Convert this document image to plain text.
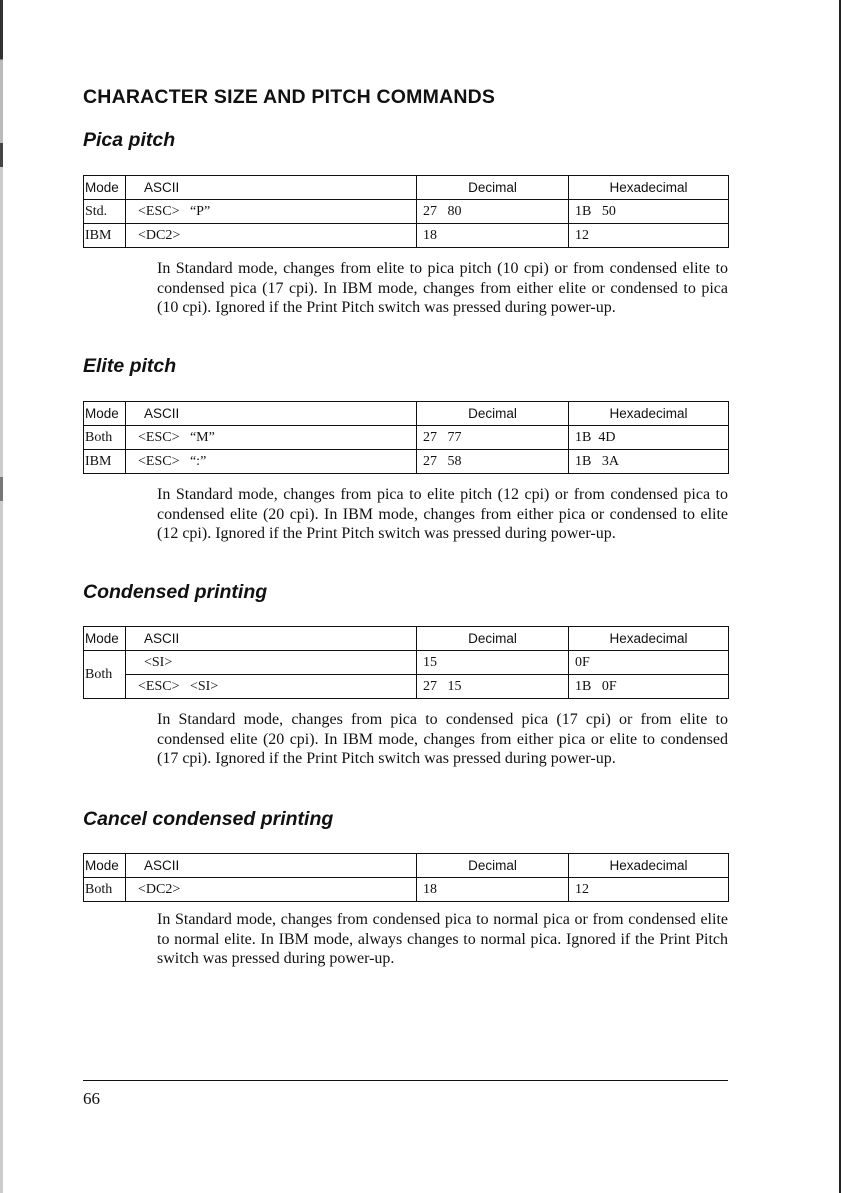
CHARACTER SIZE AND PITCH COMMANDS
Pica pitch
Mode	ASCII	Decimal	Hexadecimal
Std.	<ESC>   “P”	27   80	1B   50
IBM	<DC2>	18	12

In Standard mode, changes from elite to pica pitch (10 cpi) or from condensed elite to condensed pica (17 cpi). In IBM mode, changes from either elite or condensed to pica (10 cpi). Ignored if the Print Pitch switch was pressed during power-up.

Elite pitch
Mode	ASCII	Decimal	Hexadecimal
Both	<ESC>   “M”	27   77	1B  4D
IBM	<ESC>   “:”	27   58	1B   3A

In Standard mode, changes from pica to elite pitch (12 cpi) or from condensed pica to condensed elite (20 cpi). In IBM mode, changes from either pica or condensed to elite (12 cpi). Ignored if the Print Pitch switch was pressed during power-up.

Condensed printing
Mode	ASCII	Decimal	Hexadecimal
Both	<SI>	15	0F
	<ESC>   <SI>	27   15	1B   0F

In Standard mode, changes from pica to condensed pica (17 cpi) or from elite to condensed elite (20 cpi). In IBM mode, changes from either pica or elite to condensed (17 cpi). Ignored if the Print Pitch switch was pressed during power-up.

Cancel condensed printing
Mode	ASCII	Decimal	Hexadecimal
Both	<DC2>	18	12

In Standard mode, changes from condensed pica to normal pica or from condensed elite to normal elite. In IBM mode, always changes to normal pica. Ignored if the Print Pitch switch was pressed during power-up.

66
